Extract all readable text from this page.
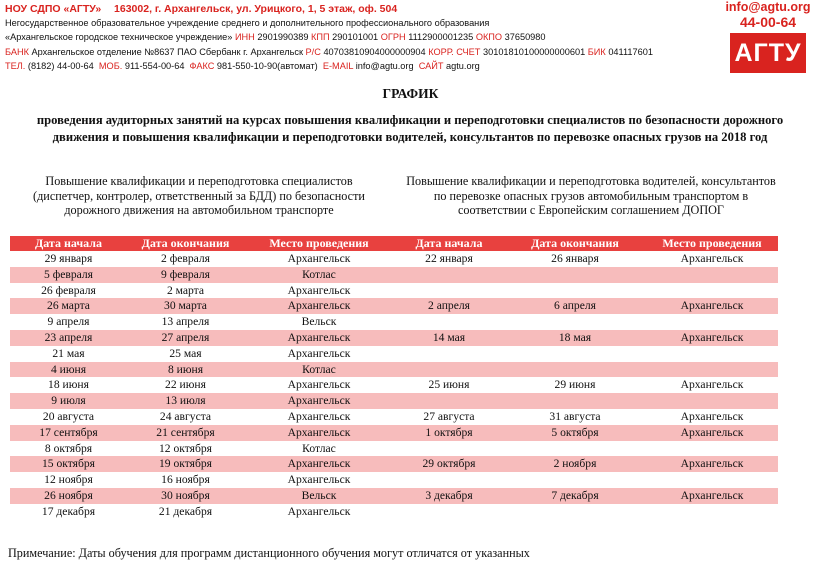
НОУ СДПО «АГТУ» 163002, г. Архангельск, ул. Урицкого, 1, 5 этаж, оф. 504
Негосударственное образовательное учреждение среднего и дополнительного профессионального образования
«Архангельское городское техническое учреждение» ИНН 2901990389 КПП 290101001 ОГРН 1112900001235 ОКПО 37650980
БАНК Архангельское отделение №8637 ПАО Сбербанк г. Архангельск Р/С 40703810904000000904 КОРР. СЧЕТ 30101810100000000601 БИК 041117601
ТЕЛ. (8182) 44-00-64 МОБ. 911-554-00-64 ФАКС 981-550-10-90(автомат) E-MAIL info@agtu.org САЙТ agtu.org
info@agtu.org
44-00-64
АГТУ
ГРАФИК
проведения аудиторных занятий на курсах повышения квалификации и переподготовки специалистов по безопасности дорожного движения и повышения квалификации и переподготовки водителей, консультантов по перевозке опасных грузов на 2018 год
Повышение квалификации и переподготовка специалистов (диспетчер, контролер, ответственный за БДД) по безопасности дорожного движения на автомобильном транспорте
Повышение квалификации и переподготовка водителей, консультантов по перевозке опасных грузов автомобильным транспортом в соответствии с Европейским соглашением ДОПОГ
Дата начала	Дата окончания	Место проведения	Дата начала	Дата окончания	Место проведения
29 января	2 февраля	Архангельск	22 января	26 января	Архангельск
5 февраля	9 февраля	Котлас
26 февраля	2 марта	Архангельск
26 марта	30 марта	Архангельск	2 апреля	6 апреля	Архангельск
9 апреля	13 апреля	Вельск
23 апреля	27 апреля	Архангельск	14 мая	18 мая	Архангельск
21 мая	25 мая	Архангельск
4 июня	8 июня	Котлас
18 июня	22 июня	Архангельск	25 июня	29 июня	Архангельск
9 июля	13 июля	Архангельск
20 августа	24 августа	Архангельск	27 августа	31 августа	Архангельск
17 сентября	21 сентября	Архангельск	1 октября	5 октября	Архангельск
8 октября	12 октября	Котлас
15 октября	19 октября	Архангельск	29 октября	2 ноября	Архангельск
12 ноября	16 ноября	Архангельск
26 ноября	30 ноября	Вельск	3 декабря	7 декабря	Архангельск
17 декабря	21 декабря	Архангельск
Примечание: Даты обучения для программ дистанционного обучения могут отличатся от указанных
